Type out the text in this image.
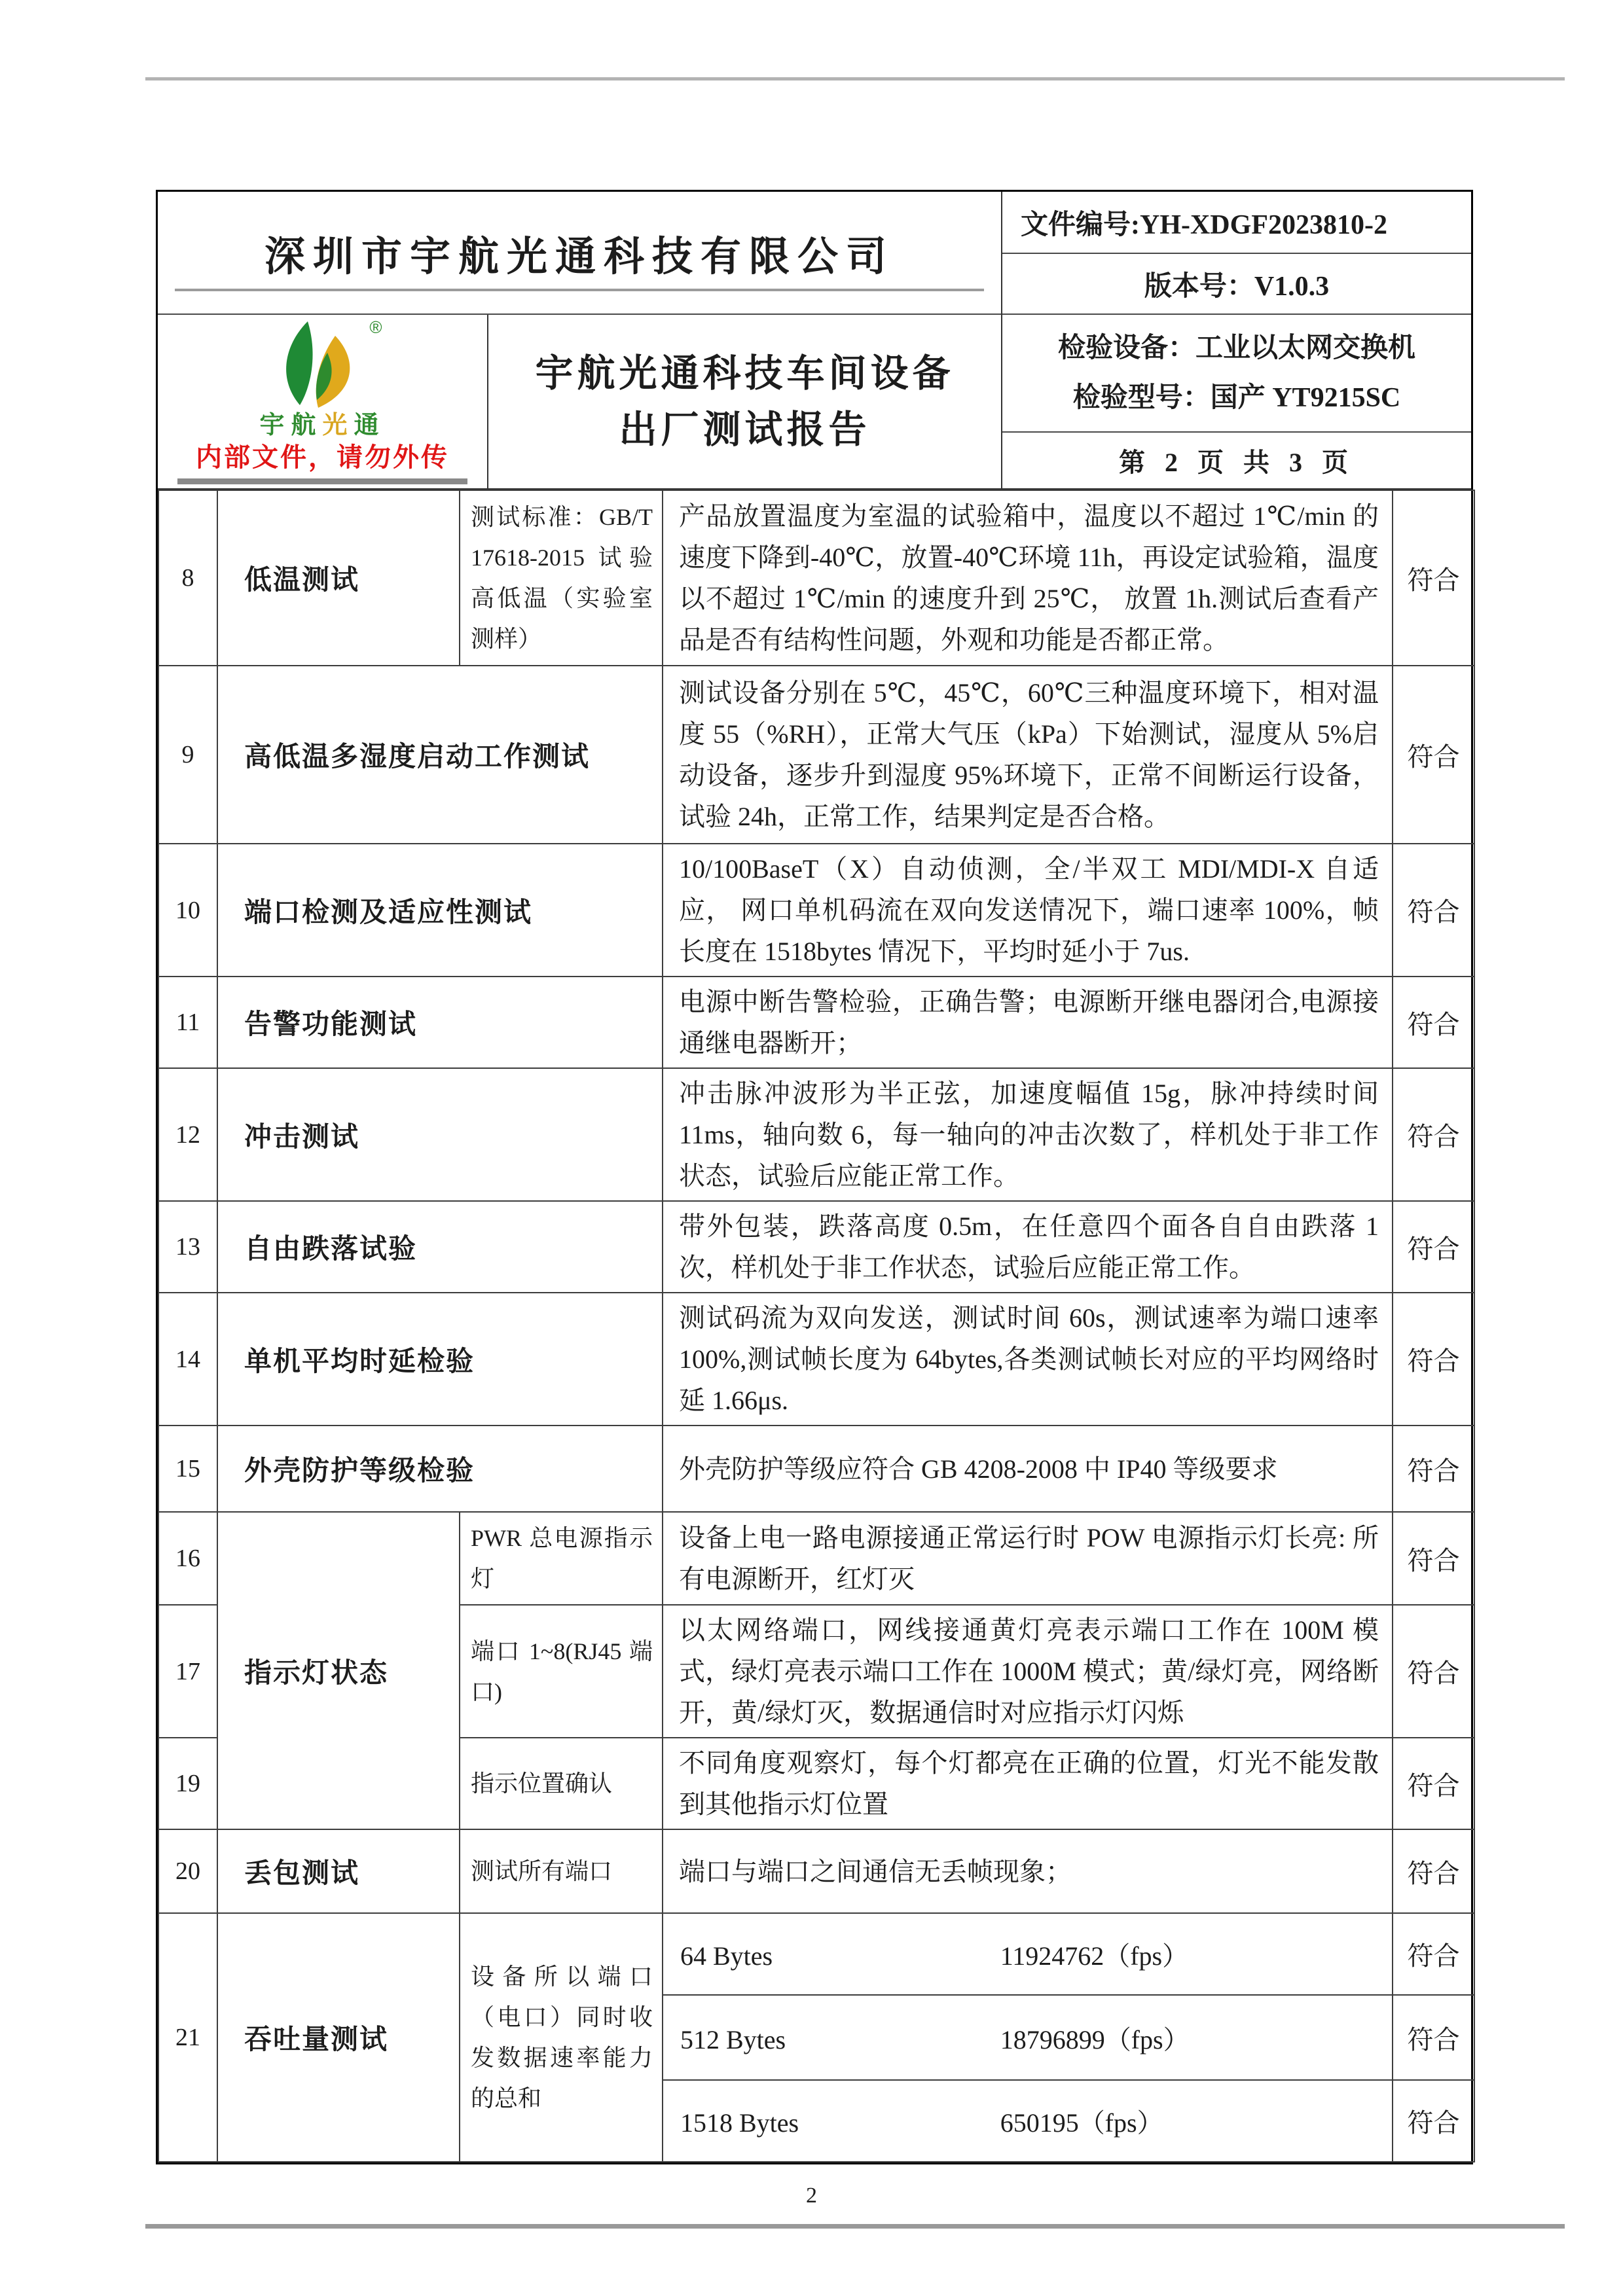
深圳市宇航光通科技有限公司
®
宇航光通
内部文件，请勿外传
宇航光通科技车间设备
出厂测试报告
文件编号:YH-XDGF2023810-2
版本号：V1.0.3
检验设备：工业以太网交换机
检验型号：国产 YT9215SC
第 2 页 共 3 页
8	低温测试	测试标准：GB/T 17618-2015 试验高低温（实验室测样）	产品放置温度为室温的试验箱中，温度以不超过 1℃/min 的速度下降到-40℃，放置-40℃环境 11h，再设定试验箱，温度以不超过 1℃/min 的速度升到 25℃， 放置 1h.测试后查看产品是否有结构性问题，外观和功能是否都正常。	符合
9	高低温多湿度启动工作测试		测试设备分别在 5℃，45℃，60℃三种温度环境下，相对温度 55（%RH），正常大气压（kPa）下始测试，湿度从 5%启动设备，逐步升到湿度 95%环境下，正常不间断运行设备，试验 24h，正常工作，结果判定是否合格。	符合
10	端口检测及适应性测试		10/100BaseT（X）自动侦测，全/半双工 MDI/MDI-X 自适应， 网口单机码流在双向发送情况下，端口速率 100%，帧长度在 1518bytes 情况下，平均时延小于 7us.	符合
11	告警功能测试		电源中断告警检验，正确告警；电源断开继电器闭合,电源接通继电器断开；	符合
12	冲击测试		冲击脉冲波形为半正弦，加速度幅值 15g，脉冲持续时间 11ms，轴向数 6，每一轴向的冲击次数了，样机处于非工作状态，试验后应能正常工作。	符合
13	自由跌落试验		带外包装，跌落高度 0.5m，在任意四个面各自自由跌落 1 次，样机处于非工作状态，试验后应能正常工作。	符合
14	单机平均时延检验		测试码流为双向发送，测试时间 60s，测试速率为端口速率 100%,测试帧长度为 64bytes,各类测试帧长对应的平均网络时延 1.66μs.	符合
15	外壳防护等级检验		外壳防护等级应符合 GB 4208-2008 中 IP40 等级要求	符合
16	指示灯状态	PWR 总电源指示灯	设备上电一路电源接通正常运行时 POW 电源指示灯长亮: 所有电源断开，红灯灭	符合
17		端口 1~8(RJ45 端口)	以太网络端口，网线接通黄灯亮表示端口工作在 100M 模式，绿灯亮表示端口工作在 1000M 模式；黄/绿灯亮，网络断开，黄/绿灯灭，数据通信时对应指示灯闪烁	符合
19		指示位置确认	不同角度观察灯，每个灯都亮在正确的位置，灯光不能发散到其他指示灯位置	符合
20	丢包测试	测试所有端口	端口与端口之间通信无丢帧现象；	符合
21	吞吐量测试	设备所以端口（电口）同时收发数据速率能力的总和	64 Bytes 11924762（fps）	符合
			512 Bytes 18796899（fps）	符合
			1518 Bytes 650195（fps）	符合
2
